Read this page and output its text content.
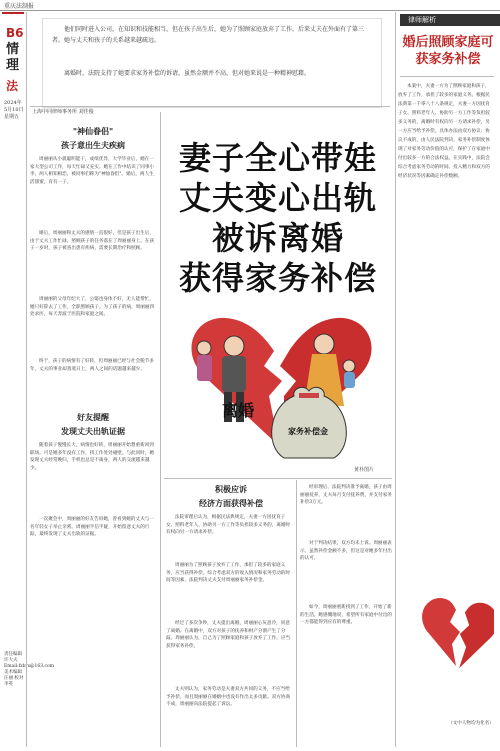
重庆法制报
B6
情理
法
2024年 5月10日 星期五
责任编辑 许大夫 Email:fzbrs@163.com 美术编辑 汪丽 校对 李英
他们同时进入公司，在知识和技能相当，但在孩子出生后，她为了照顾家庭放弃了工作，后来丈夫在外面有了第三者。她与丈夫和孩子的关系越来越疏远。
离婚时，法院支持了她要求家务补偿的诉请，虽然金额并不高，但对她来说是一种精神慰藉。
上海中同律师事务所 刘佳俊
"神仙眷侣"
孩子意出生夫疾病
周丽丽从小就聪明能干，成绩优异，大学毕业后，她在一家大型公司工作，每天忙碌又充实。她在工作中结识了同事小李，两人相知相恋，被同事们称为"神仙眷侣"。婚后，两人生活甜蜜，育有一子。
婚后，周丽丽和丈夫的感情一直很好，但是孩子出生后，由于丈夫工作忙碌，照顾孩子的任务落在了周丽丽身上。在孩子一岁时，孩子被查出患有疾病，需要长期治疗和照顾。
周丽丽的父母年纪大了，公婆也身体不好，无人能帮忙，她只好辞去了工作，全职照顾孩子。为了孩子的病，周丽丽四处求医，每天奔波于医院和家庭之间。
终于，孩子的病情有了好转，但周丽丽已经与社会脱节多年，丈夫的事业却蒸蒸日上，两人之间的话题越来越少。
好友提醒
发现丈夫出轨证据
随着孩子慢慢长大，病情也好转，周丽丽开始想重新回到职场。可是她多年没有工作，找工作处处碰壁。与此同时，她发现丈夫经常晚归，手机也总是不离身，两人的交流越来越少。
一次聚会中，周丽丽的好友告诉她，曾看到她的丈夫与一名年轻女子举止亲密。周丽丽半信半疑，开始留意丈夫的行踪，最终发现了丈夫出轨的证据。
妻子全心带娃
丈夫变心出轨
被诉离婚
获得家务补偿
离婚
家务补偿金
黄朴图片
积极应诉
经济方面获得补偿
法院审理后认为，根据民法典规定，夫妻一方因抚育子女、照料老年人、协助另一方工作等负担较多义务的，离婚时有权向另一方请求补偿。
周丽丽为了照顾孩子放弃了工作，承担了较多的家庭义务，应当获得补偿。综合考虑双方的收入情况和家务劳动的时间等因素，法院判决丈夫支付周丽丽家务补偿金。
经过了多次争吵，丈夫提出离婚，周丽丽心灰意冷，同意了离婚。在离婚中，双方对孩子的抚养和财产分割产生了分歧。周丽丽认为，自己为了照顾家庭和孩子放弃了工作，应当获得家务补偿。
丈夫则认为，家务劳动是夫妻双方共同的义务，不应当给予补偿，而且周丽丽在婚姻中也没有作出太多贡献。双方协商不成，周丽丽向法院提起了诉讼。
经审理后，法院判决准予离婚，孩子由周丽丽抚养，丈夫每月支付抚养费，并支付家务补偿3万元。
对于判决结果，双方均未上诉。周丽丽表示，虽然补偿金额不多，但这是对她多年付出的认可。
如今，周丽丽重新找到了工作，开始了新的生活。她感慨地说，希望所有家庭中付出的一方都能得到应有的尊重。
律师解析
婚后照顾家庭可获家务补偿
本案中，夫妻一方为了照顾家庭和孩子，放弃了工作，承担了较多的家庭义务。根据民法典第一千零八十八条规定，夫妻一方因抚育子女、照料老年人、协助另一方工作等负担较多义务的，离婚时有权向另一方请求补偿，另一方应当给予补偿。具体办法由双方协议；协议不成的，由人民法院判决。家务补偿制度体现了对家务劳动价值的认可，保护了在家庭中付出较多一方的合法权益。在实践中，法院会综合考虑家务劳动的时间、投入精力和双方的经济状况等因素确定补偿数额。
（文中人物均为化名）
